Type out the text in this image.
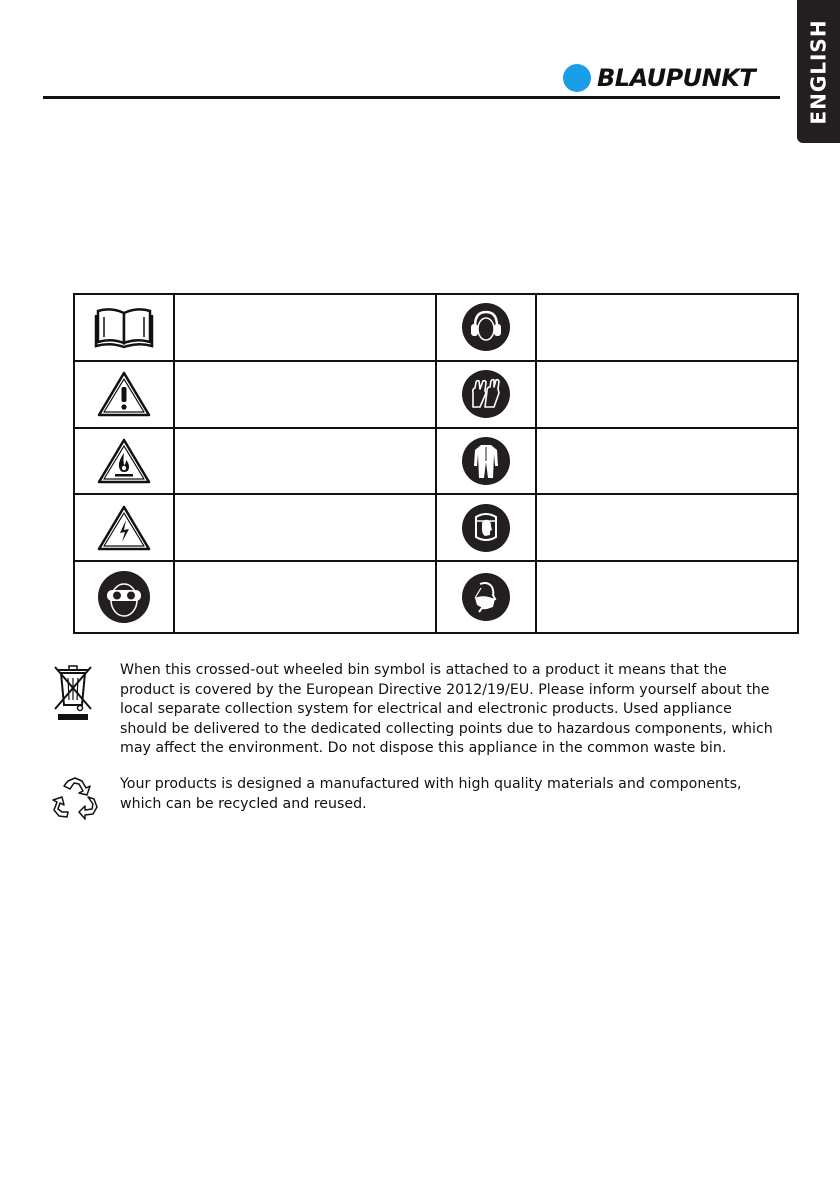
ENGLISH
BLAUPUNKT

When this crossed-out wheeled bin symbol is attached to a product it means that the
product is covered by the European Directive 2012/19/EU. Please inform yourself about the
local separate collection system for electrical and electronic products. Used appliance
should be delivered to the dedicated collecting points due to hazardous components, which
may affect the environment. Do not dispose this appliance in the common waste bin.
Your products is designed a manufactured with high quality materials and components,
which can be recycled and reused.
